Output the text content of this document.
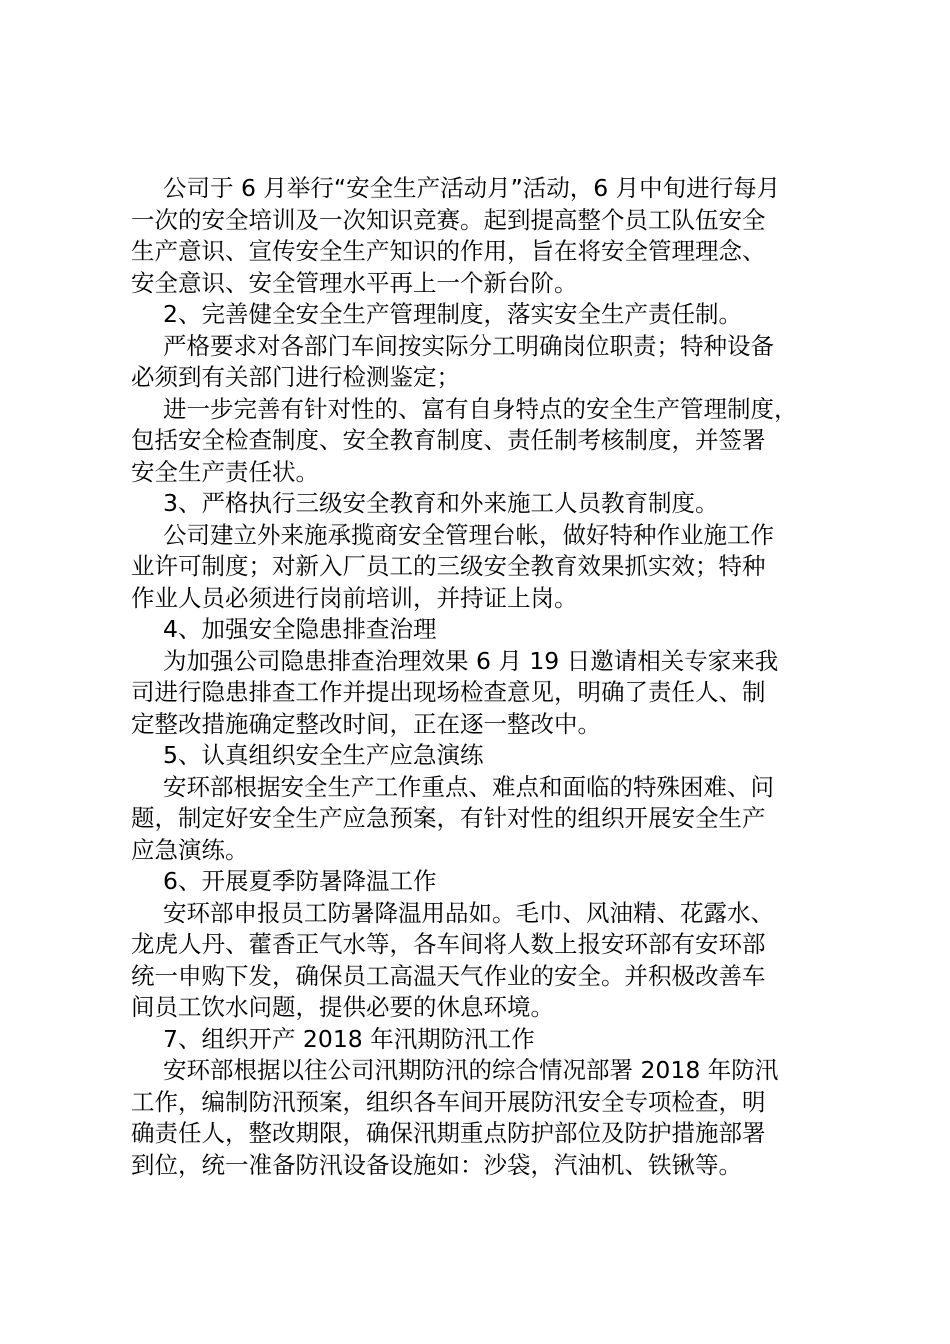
公司于 6 月举行“安全生产活动月”活动，6 月中旬进行每月
一次的安全培训及一次知识竞赛。起到提高整个员工队伍安全
生产意识、宣传安全生产知识的作用，旨在将安全管理理念、
安全意识、安全管理水平再上一个新台阶。
2、完善健全安全生产管理制度，落实安全生产责任制。
严格要求对各部门车间按实际分工明确岗位职责；特种设备
必须到有关部门进行检测鉴定；
进一步完善有针对性的、富有自身特点的安全生产管理制度，
包括安全检查制度、安全教育制度、责任制考核制度，并签署
安全生产责任状。
3、严格执行三级安全教育和外来施工人员教育制度。
公司建立外来施承揽商安全管理台帐，做好特种作业施工作
业许可制度；对新入厂员工的三级安全教育效果抓实效；特种
作业人员必须进行岗前培训，并持证上岗。
4、加强安全隐患排查治理
为加强公司隐患排查治理效果 6 月 19 日邀请相关专家来我
司进行隐患排查工作并提出现场检查意见，明确了责任人、制
定整改措施确定整改时间，正在逐一整改中。
5、认真组织安全生产应急演练
安环部根据安全生产工作重点、难点和面临的特殊困难、问
题，制定好安全生产应急预案，有针对性的组织开展安全生产
应急演练。
6、开展夏季防暑降温工作
安环部申报员工防暑降温用品如。毛巾、风油精、花露水、
龙虎人丹、藿香正气水等，各车间将人数上报安环部有安环部
统一申购下发，确保员工高温天气作业的安全。并积极改善车
间员工饮水问题，提供必要的休息环境。
7、组织开产 2018 年汛期防汛工作
安环部根据以往公司汛期防汛的综合情况部署 2018 年防汛
工作，编制防汛预案，组织各车间开展防汛安全专项检查，明
确责任人，整改期限，确保汛期重点防护部位及防护措施部署
到位，统一准备防汛设备设施如：沙袋，汽油机、铁锹等。
